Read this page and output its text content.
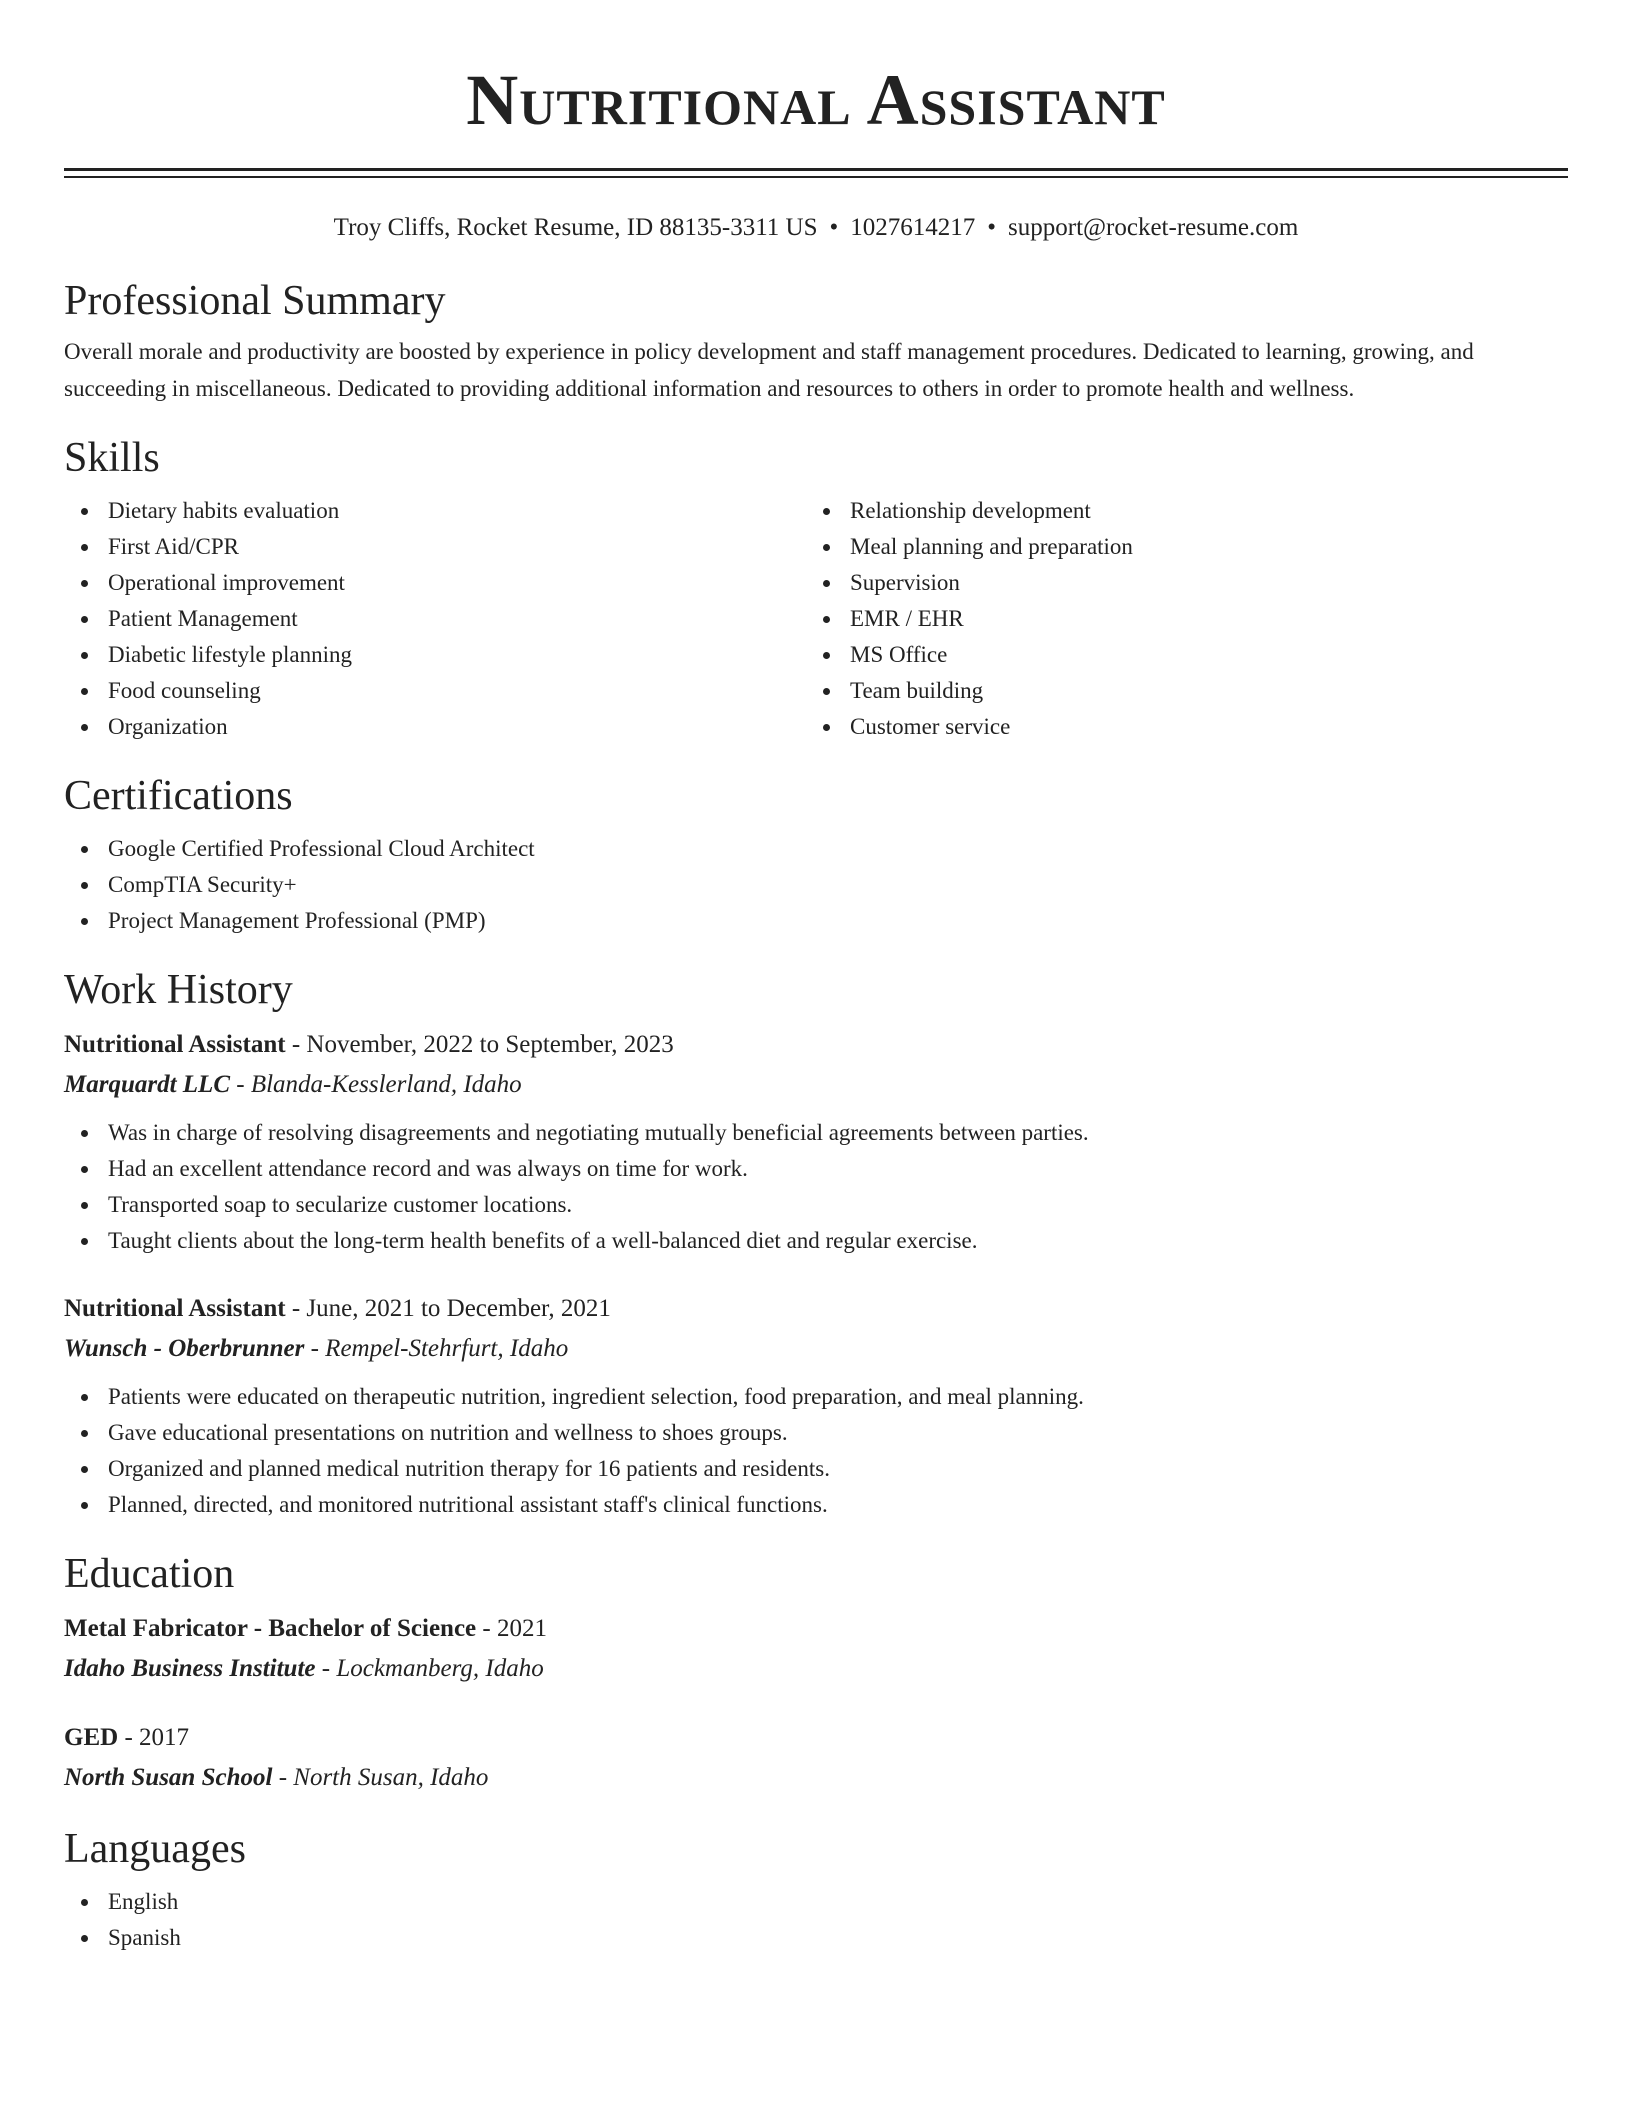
Nutritional Assistant
Troy Cliffs, Rocket Resume, ID 88135-3311 US • 1027614217 • support@rocket-resume.com
Professional Summary

Overall morale and productivity are boosted by experience in policy development and staff management procedures. Dedicated to learning, growing, and succeeding in miscellaneous. Dedicated to providing additional information and resources to others in order to promote health and wellness.

Skills
Dietary habits evaluation
First Aid/CPR
Operational improvement
Patient Management
Diabetic lifestyle planning
Food counseling
Organization
Relationship development
Meal planning and preparation
Supervision
EMR / EHR
MS Office
Team building
Customer service
Certifications
Google Certified Professional Cloud Architect
CompTIA Security+
Project Management Professional (PMP)
Work History
Nutritional Assistant - November, 2022 to September, 2023
Marquardt LLC - Blanda-Kesslerland, Idaho
Was in charge of resolving disagreements and negotiating mutually beneficial agreements between parties.
Had an excellent attendance record and was always on time for work.
Transported soap to secularize customer locations.
Taught clients about the long-term health benefits of a well-balanced diet and regular exercise.
Nutritional Assistant - June, 2021 to December, 2021
Wunsch - Oberbrunner - Rempel-Stehrfurt, Idaho
Patients were educated on therapeutic nutrition, ingredient selection, food preparation, and meal planning.
Gave educational presentations on nutrition and wellness to shoes groups.
Organized and planned medical nutrition therapy for 16 patients and residents.
Planned, directed, and monitored nutritional assistant staff's clinical functions.
Education
Metal Fabricator - Bachelor of Science - 2021
Idaho Business Institute - Lockmanberg, Idaho
GED - 2017
North Susan School - North Susan, Idaho
Languages
English
Spanish
